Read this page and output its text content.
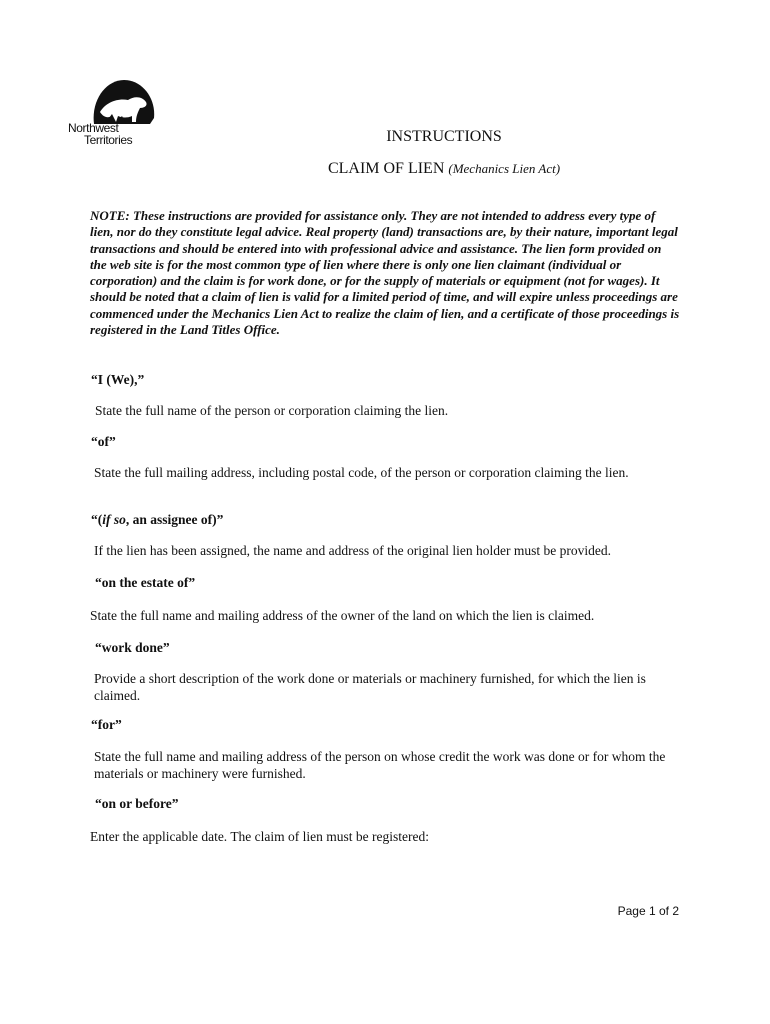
Northwest
Territories	INSTRUCTIONS
CLAIM OF LIEN (Mechanics Lien Act)
NOTE: These instructions are provided for assistance only. They are not intended to address every type of lien, nor do they constitute legal advice. Real property (land) transactions are, by their nature, important legal transactions and should be entered into with professional advice and assistance. The lien form provided on the web site is for the most common type of lien where there is only one lien claimant (individual or corporation) and the claim is for work done, or for the supply of materials or equipment (not for wages). It should be noted that a claim of lien is valid for a limited period of time, and will expire unless proceedings are commenced under the Mechanics Lien Act to realize the claim of lien, and a certificate of those proceedings is registered in the Land Titles Office.
“I (We),”
State the full name of the person or corporation claiming the lien.
“of”
State the full mailing address, including postal code, of the person or corporation claiming the lien.
“(if so, an assignee of)”
If the lien has been assigned, the name and address of the original lien holder must be provided.
“on the estate of”
State the full name and mailing address of the owner of the land on which the lien is claimed.
“work done”
Provide a short description of the work done or materials or machinery furnished, for which the lien is claimed.
“for”
State the full name and mailing address of the person on whose credit the work was done or for whom the materials or machinery were furnished.
“on or before”
Enter the applicable date. The claim of lien must be registered:
Page 1 of 2
